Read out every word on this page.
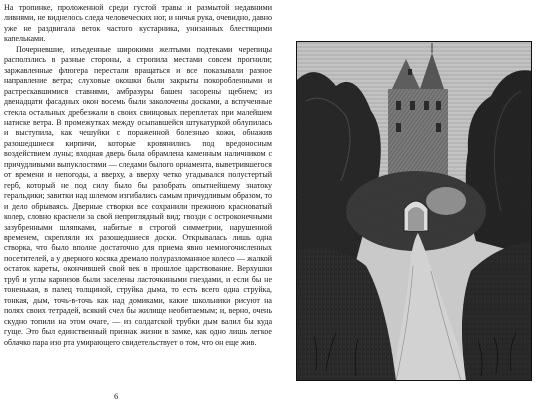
На тропинке, проложенной среди густой травы и размытой недавними ливнями, не виднелось следа человеческих ног, и ничья рука, очевидно, давно уже не раздвигала веток частого кустарника, унизанных блестящими капельками.

Почерневшие, изъеденные широкими желтыми подтеками черепицы расползлись в разные стороны, а стропила местами совсем прогнили; заржавленные флюгера перестали вращаться и все показывали разное направление ветра; слуховые окошки были закрыты покоробленными и растрескавшимися ставнями, амбразуры башен засорены щебнем; из двенадцати фасадных окон восемь были заколочены досками, а вспученные стекла остальных дребезжали в своих свинцовых переплетах при малейшем натиске ветра. В промежутках между осыпавшейся штукатуркой облупилась и выступила, как чешуйки с пораженной болезнью кожи, обнажив разошедшиеся кирпичи, которые кровянились под вредоносным воздействием луны; входная дверь была обрамлена каменным наличником с причудливыми выпуклостями — следами былого орнамента, выветрившегося от времени и непогоды, а вверху, а вверху четко угадывался полустертый герб, который не под силу было бы разобрать опытнейшему знатоку геральдики; завитки над шлемом изгибались самым причудливым образом, то и дело обрываясь. Дверные створки все сохранили прежнюю красноватый колер, словно краснели за свой неприглядный вид; гвозди с остроконечными зазубренными шляпками, набитые в строгой симметрии, нарушенной временем, скрепляли их разошедшиеся доски. Открывалась лишь одна створка, что было вполне достаточно для приема явно немногочисленных посетителей, а у дверного косяка дремало полуразломанное колесо — жалкой остаток кареты, окончившей свой век в прошлое царствование. Верхушки труб и углы карнизов были заселены ласточкиными гнездами, и если бы не тоненькая, в палец толщиной, струйка дыма, то есть всего одна струйка, тонкая, дым, точь-в-точь как над домиками, какие школьники рисуют на полях своих тетрадей, всякий счел бы жилище необитаемым; и, верно, очень скудно топили на этом очаге, — из солдатской трубки дым валил бы куда гуще. Это был единственный признак жизни в замке, как одно лишь легкое облачко пара изо рта умирающего свидетельствует о том, что он еще жив.

6
